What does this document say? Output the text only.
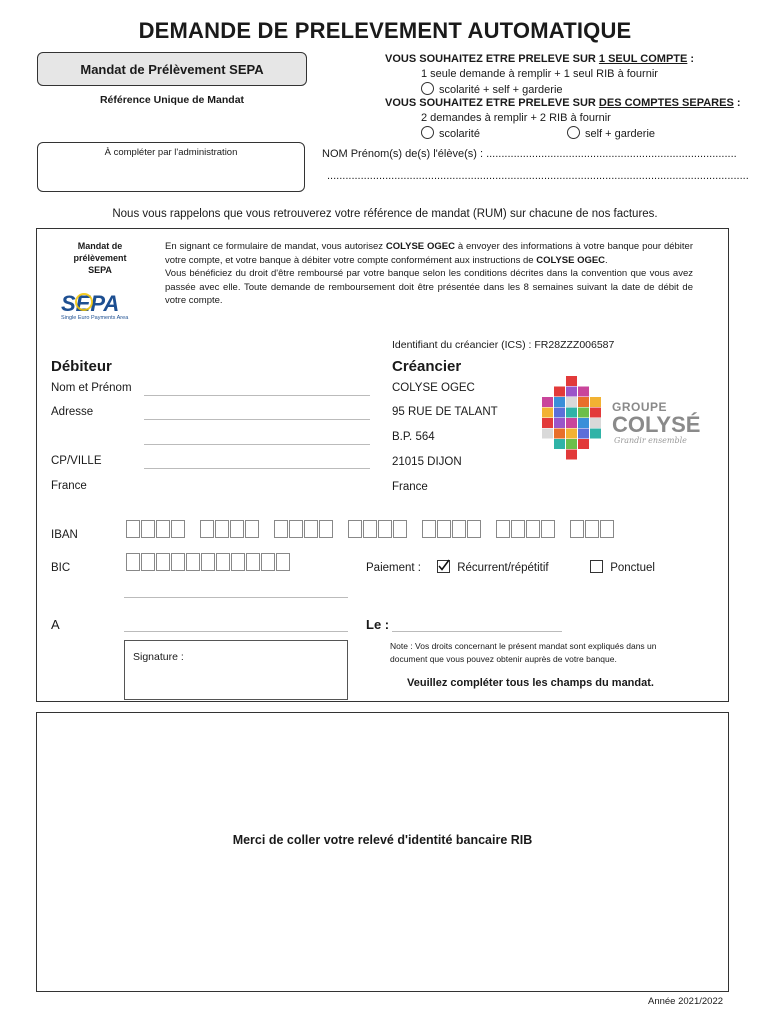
DEMANDE DE PRELEVEMENT AUTOMATIQUE
Mandat de Prélèvement SEPA
Référence Unique de Mandat
À compléter par l'administration
VOUS SOUHAITEZ ETRE PRELEVE SUR 1 SEUL COMPTE :
1 seule demande à remplir + 1 seul RIB à fournir
scolarité + self + garderie
VOUS SOUHAITEZ ETRE PRELEVE SUR DES COMPTES SEPARES :
2 demandes à remplir + 2 RIB à fournir
scolarité	self + garderie
NOM Prénom(s) de(s) l'élève(s) : ..................................................................................
..........................................................................................................................................
Nous vous rappelons que vous retrouverez votre référence de mandat (RUM) sur chacune de nos factures.
Mandat de prélèvement SEPA
SEPA
Single Euro Payments Area
En signant ce formulaire de mandat, vous autorisez COLYSE OGEC à envoyer des informations à votre banque pour débiter votre compte, et votre banque à débiter votre compte conformément aux instructions de COLYSE OGEC.
Vous bénéficiez du droit d'être remboursé par votre banque selon les conditions décrites dans la convention que vous avez passée avec elle. Toute demande de remboursement doit être présentée dans les 8 semaines suivant la date de débit de votre compte.
Identifiant du créancier (ICS) : FR28ZZZ006587
Débiteur
Nom et Prénom
Adresse
CP/VILLE
France
Créancier
COLYSE OGEC
95 RUE DE TALANT
B.P. 564
21015 DIJON
France
GROUPE
COLYSÉ
Grandir ensemble
IBAN
BIC	Paiement :	Récurrent/répétitif	Ponctuel
A	Le :
Signature :
Note : Vos droits concernant le présent mandat sont expliqués dans un document que vous pouvez obtenir auprès de votre banque.
Veuillez compléter tous les champs du mandat.
Merci de coller votre relevé d'identité bancaire RIB
Année 2021/2022
